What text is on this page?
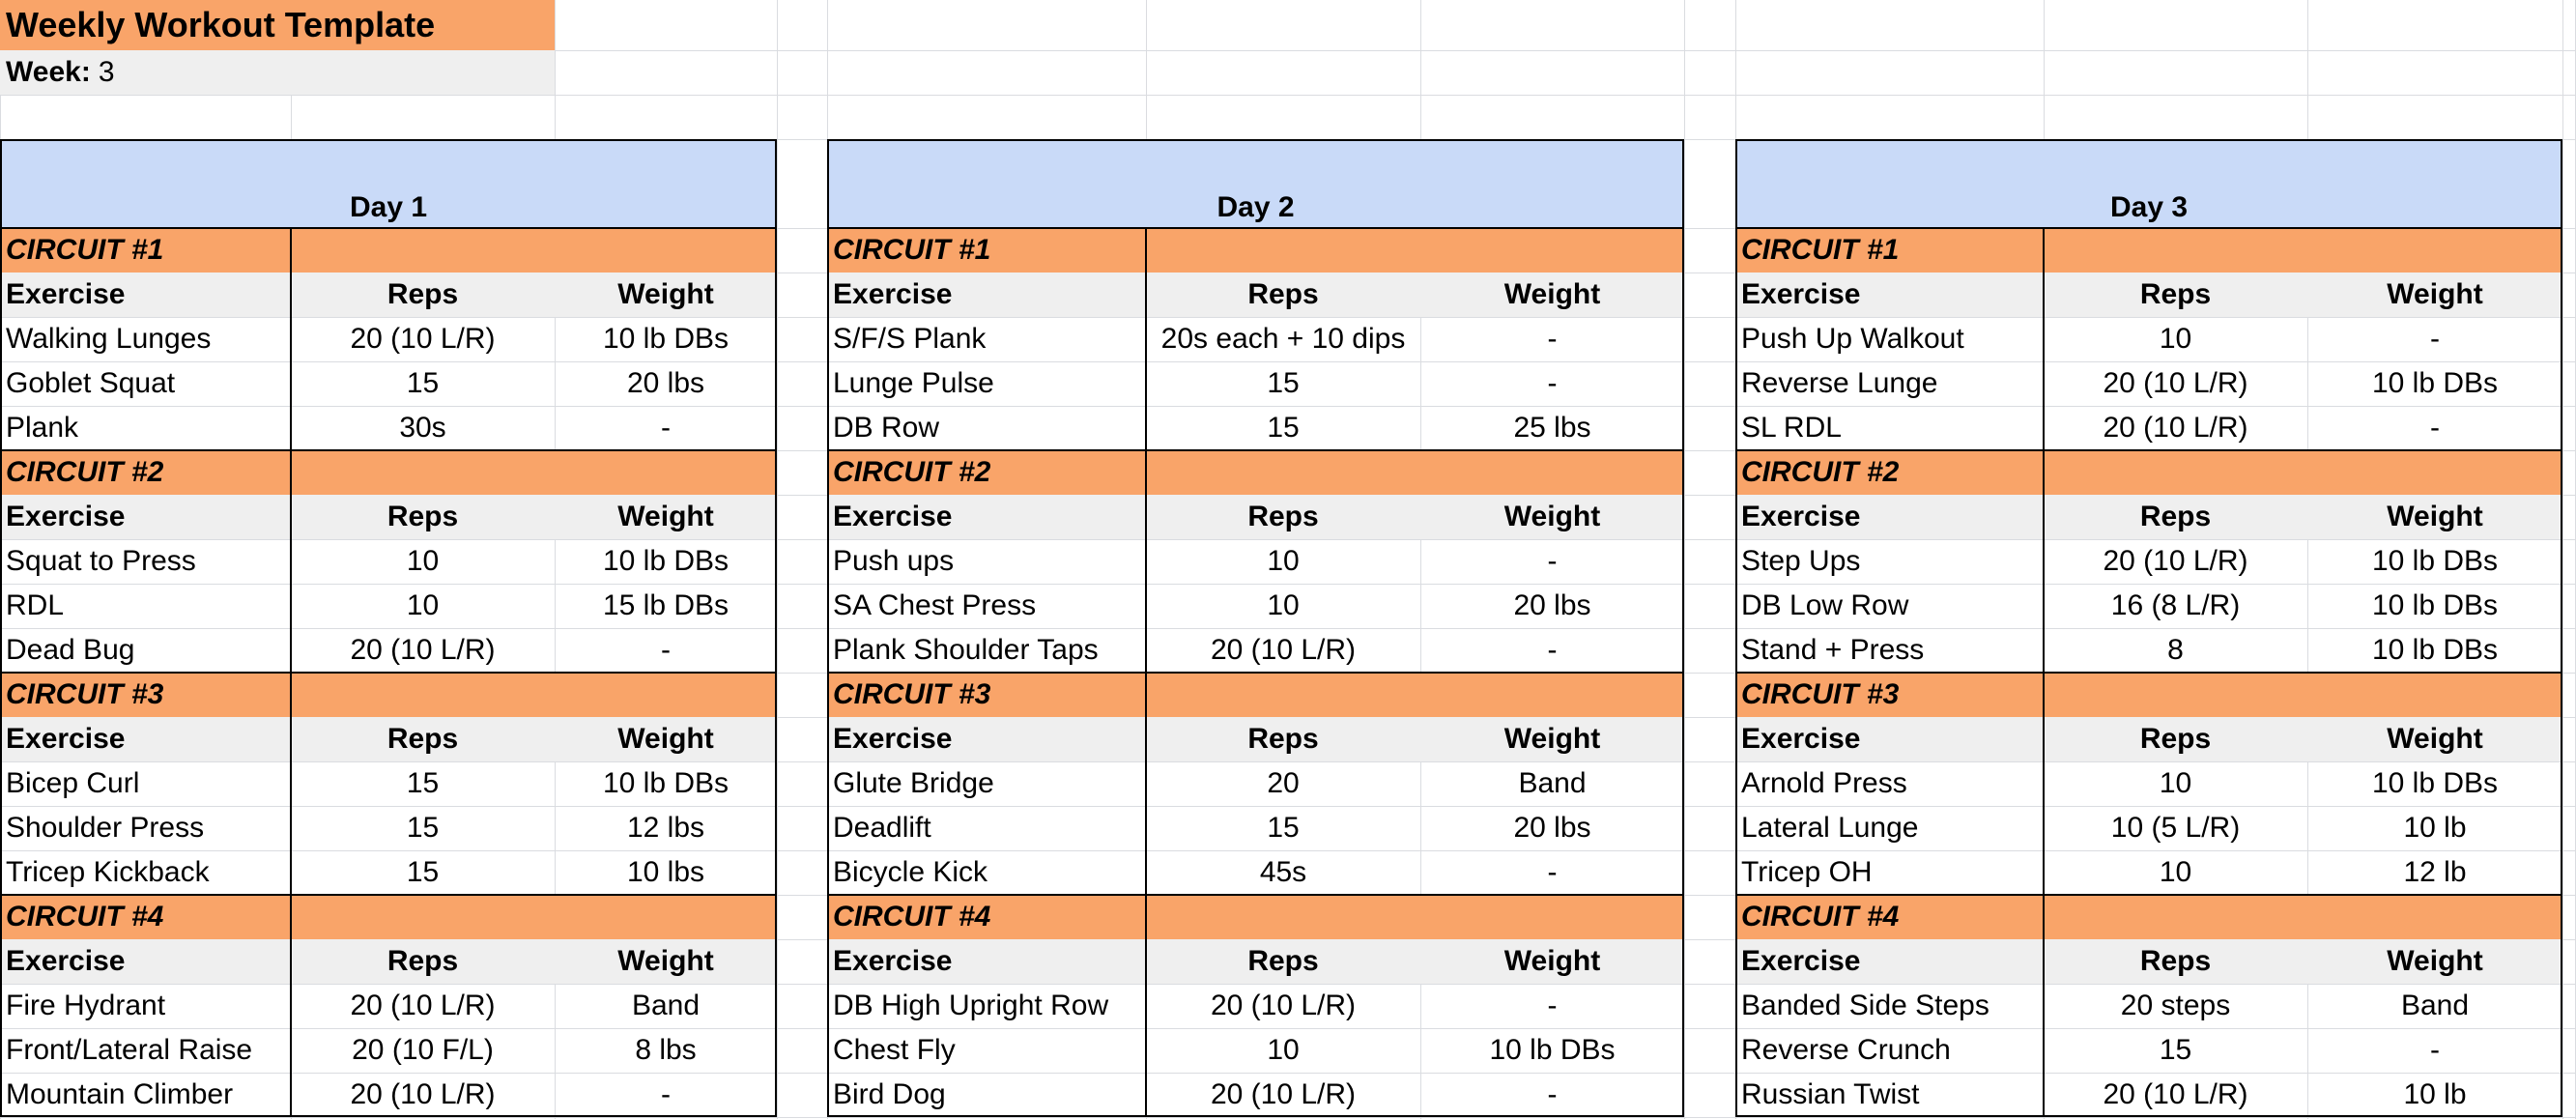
Weekly Workout Template
Week: 3
Day 1
CIRCUIT #1
Exercise	Reps	Weight
Walking Lunges	20 (10 L/R)	10 lb DBs
Goblet Squat	15	20 lbs
Plank	30s	-
CIRCUIT #2
Exercise	Reps	Weight
Squat to Press	10	10 lb DBs
RDL	10	15 lb DBs
Dead Bug	20 (10 L/R)	-
CIRCUIT #3
Exercise	Reps	Weight
Bicep Curl	15	10 lb DBs
Shoulder Press	15	12 lbs
Tricep Kickback	15	10 lbs
CIRCUIT #4
Exercise	Reps	Weight
Fire Hydrant	20 (10 L/R)	Band
Front/Lateral Raise	20 (10 F/L)	8 lbs
Mountain Climber	20 (10 L/R)	-
Day 2
CIRCUIT #1
Exercise	Reps	Weight
S/F/S Plank	20s each + 10 dips	-
Lunge Pulse	15	-
DB Row	15	25 lbs
CIRCUIT #2
Exercise	Reps	Weight
Push ups	10	-
SA Chest Press	10	20 lbs
Plank Shoulder Taps	20 (10 L/R)	-
CIRCUIT #3
Exercise	Reps	Weight
Glute Bridge	20	Band
Deadlift	15	20 lbs
Bicycle Kick	45s	-
CIRCUIT #4
Exercise	Reps	Weight
DB High Upright Row	20 (10 L/R)	-
Chest Fly	10	10 lb DBs
Bird Dog	20 (10 L/R)	-
Day 3
CIRCUIT #1
Exercise	Reps	Weight
Push Up Walkout	10	-
Reverse Lunge	20 (10 L/R)	10 lb DBs
SL RDL	20 (10 L/R)	-
CIRCUIT #2
Exercise	Reps	Weight
Step Ups	20 (10 L/R)	10 lb DBs
DB Low Row	16 (8 L/R)	10 lb DBs
Stand + Press	8	10 lb DBs
CIRCUIT #3
Exercise	Reps	Weight
Arnold Press	10	10 lb DBs
Lateral Lunge	10 (5 L/R)	10 lb
Tricep OH	10	12 lb
CIRCUIT #4
Exercise	Reps	Weight
Banded Side Steps	20 steps	Band
Reverse Crunch	15	-
Russian Twist	20 (10 L/R)	10 lb
